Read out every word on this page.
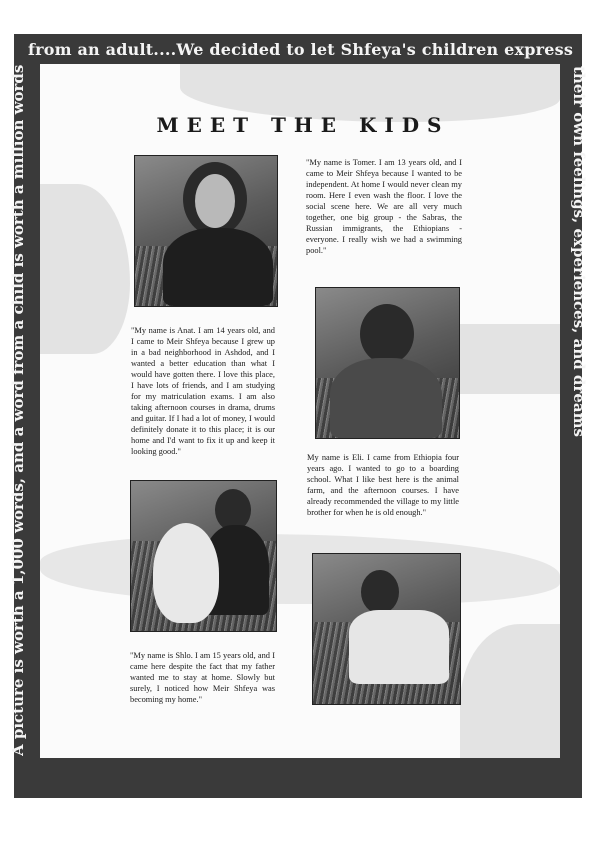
from an adult....We decided to let Shfeya's children express
A picture is worth a 1,000 words, and a word from a child is worth a million words	their own feelings, experiences, and dreams
MEET THE KIDS
"My name is Tomer. I am 13 years old, and I came to Meir Shfeya because I wanted to be independent. At home I would never clean my room. Here I even wash the floor. I love the social scene here. We are all very much together, one big group - the Sabras, the Russian immigrants, the Ethiopians - everyone. I really wish we had a swimming pool."
"My name is Anat. I am 14 years old, and I came to Meir Shfeya because I grew up in a bad neighborhood in Ashdod, and I wanted a better education than what I would have gotten there. I love this place, I have lots of friends, and I am studying for my matriculation exams. I am also taking afternoon courses in drama, drums and guitar. If I had a lot of money, I would definitely donate it to this place; it is our home and I'd want to fix it up and keep it looking good."
My name is Eli. I came from Ethiopia four years ago. I wanted to go to a boarding school. What I like best here is the animal farm, and the afternoon courses. I have already recommended the village to my little brother for when he is old enough."
"My name is Shlo. I am 15 years old, and I came here despite the fact that my father wanted me to stay at home. Slowly but surely, I noticed how Meir Shfeya was becoming my home."
